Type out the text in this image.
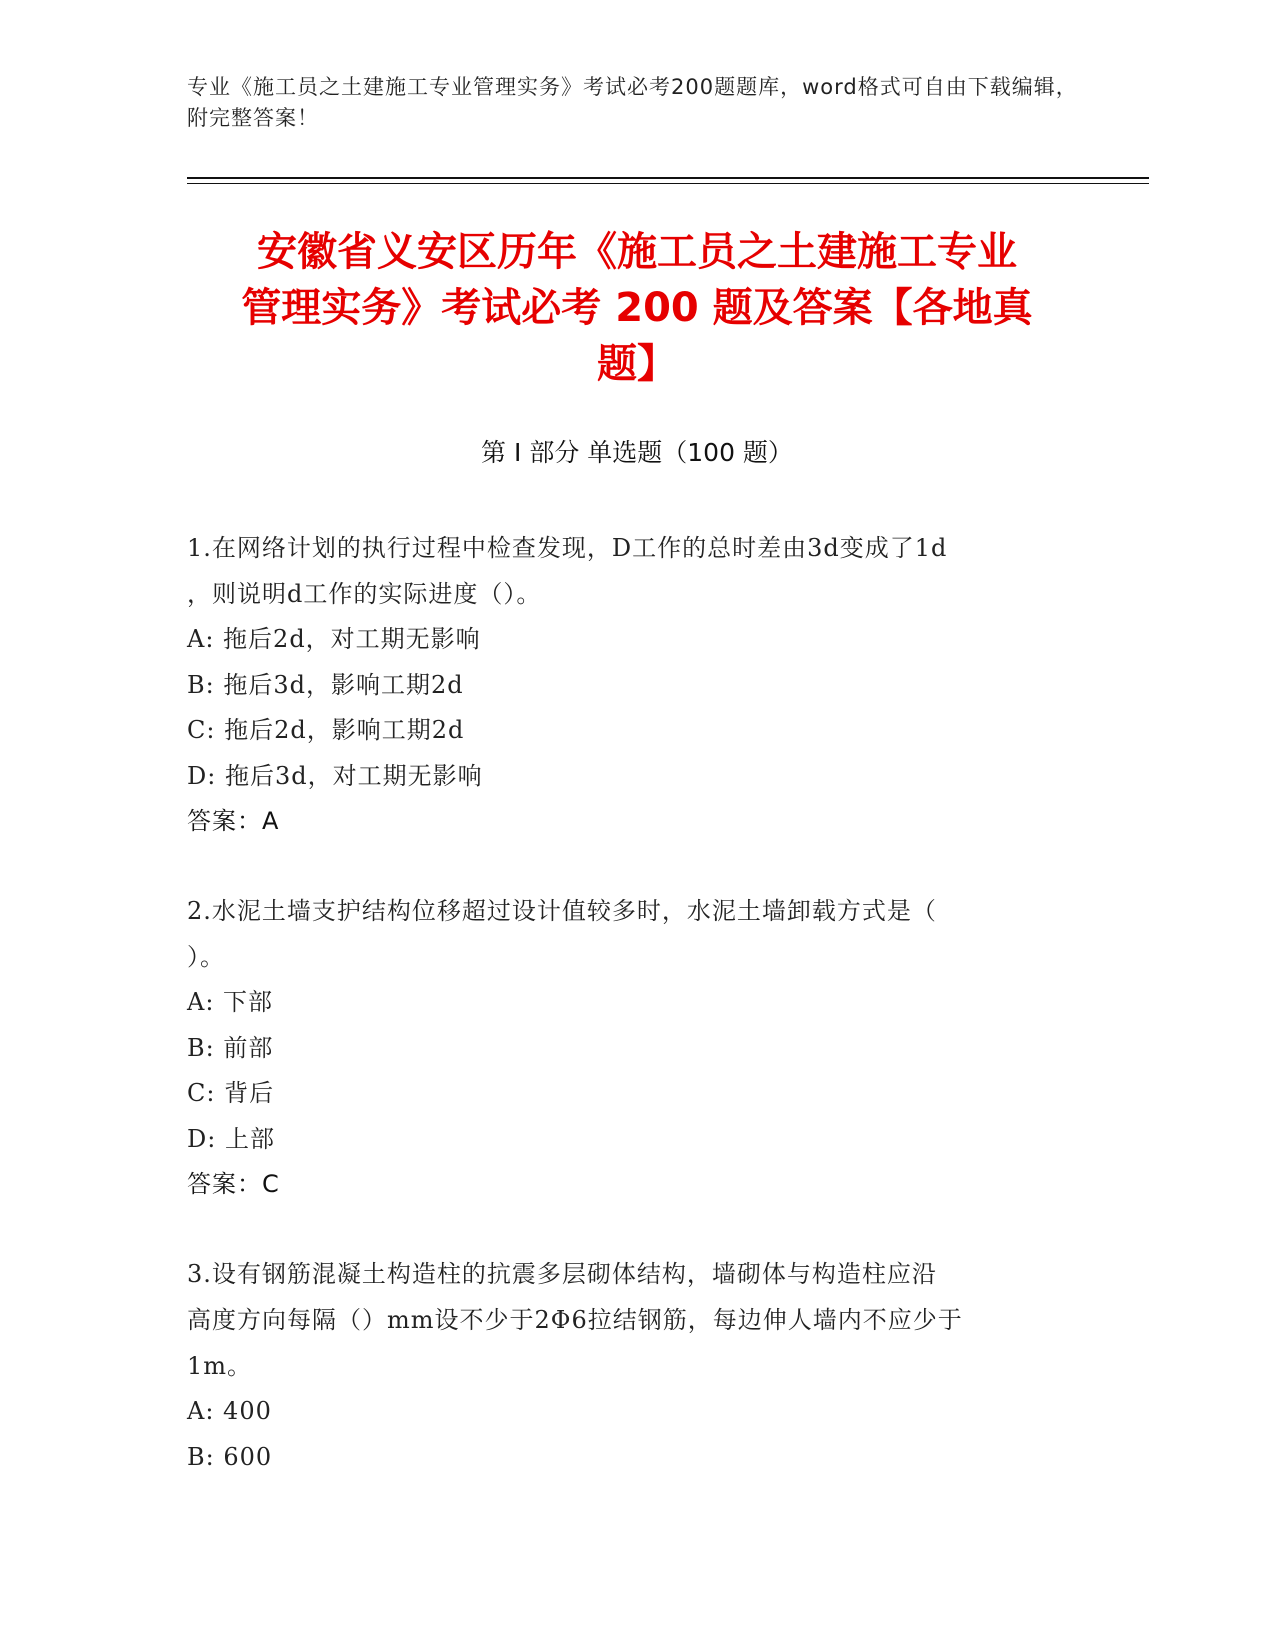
专业《施工员之土建施工专业管理实务》考试必考200题题库，word格式可自由下载编辑，附完整答案！
安徽省义安区历年《施工员之土建施工专业
管理实务》考试必考 200 题及答案【各地真
题】
第 I 部分 单选题（100 题）
1.在网络计划的执行过程中检查发现，D工作的总时差由3d变成了1d
，则说明d工作的实际进度（）。
A: 拖后2d，对工期无影响
B: 拖后3d，影响工期2d
C: 拖后2d，影响工期2d
D: 拖后3d，对工期无影响
答案：A
2.水泥土墙支护结构位移超过设计值较多时，水泥土墙卸载方式是（
）。
A: 下部
B: 前部
C: 背后
D: 上部
答案：C
3.设有钢筋混凝土构造柱的抗震多层砌体结构，墙砌体与构造柱应沿
高度方向每隔（）mm设不少于2Φ6拉结钢筋，每边伸人墙内不应少于
1m。
A: 400
B: 600
